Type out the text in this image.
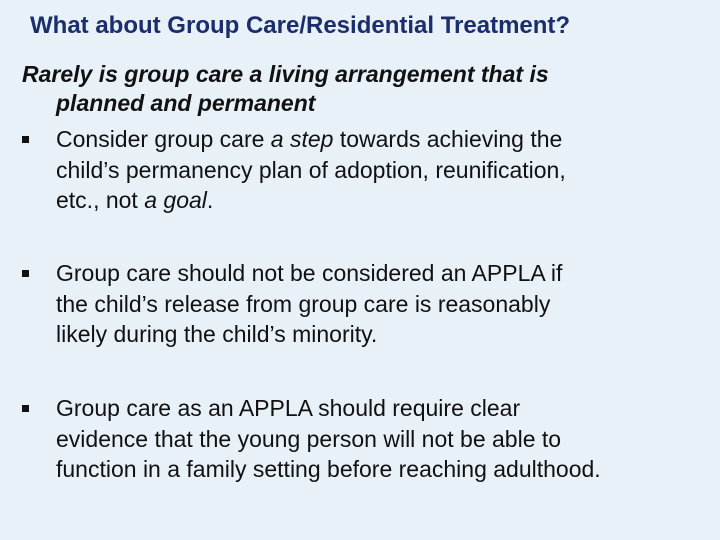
What about Group Care/Residential Treatment?
Rarely is group care a living arrangement that is
planned and permanent
Consider group care a step towards achieving the
child’s permanency plan of adoption, reunification,
etc., not a goal.
Group care should not be considered an APPLA if
the child’s release from group care is reasonably
likely during the child’s minority.
Group care as an APPLA should require clear
evidence that the young person will not be able to
function in a family setting before reaching adulthood.
